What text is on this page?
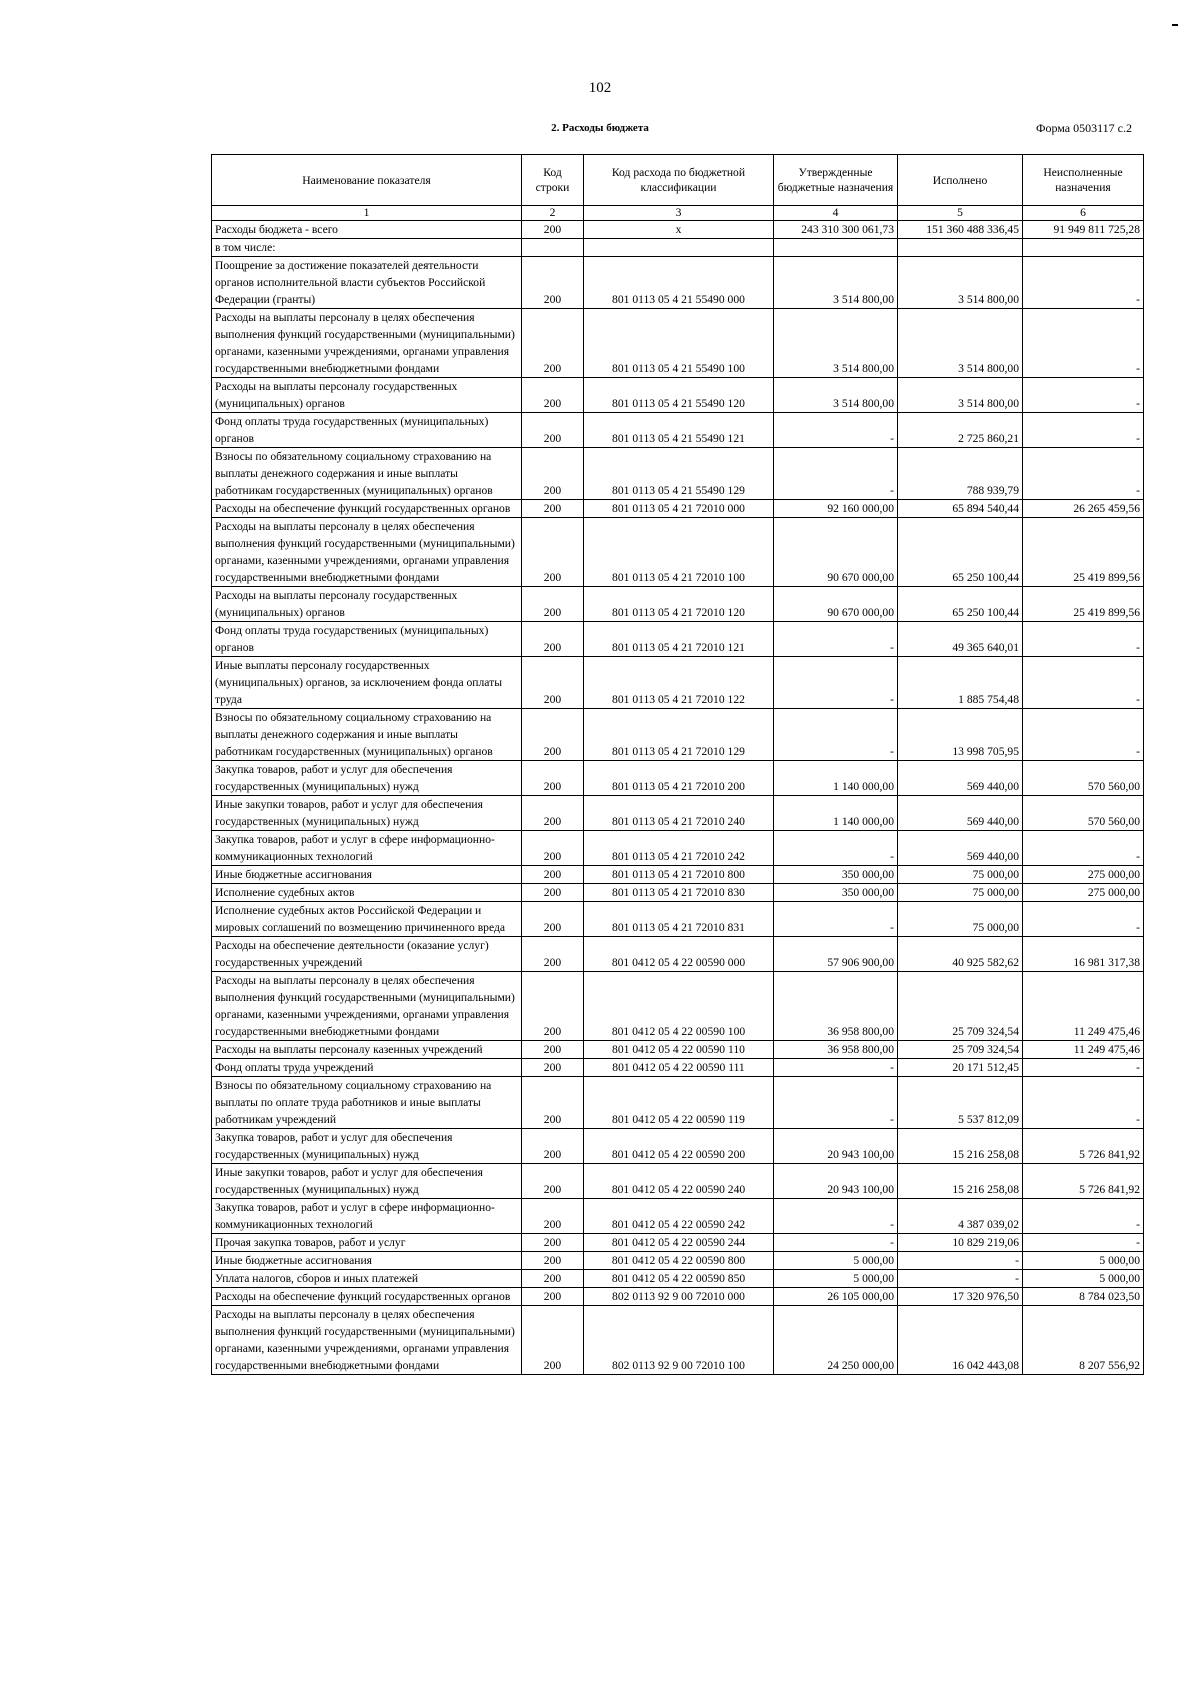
102
2. Расходы бюджета	Форма 0503117 с.2
Наименование показателя	Код строки	Код расхода по бюджетной классификации	Утвержденные бюджетные назначения	Исполнено	Неисполненные назначения
1	2	3	4	5	6
Расходы бюджета - всего	200	x	243 310 300 061,73	151 360 488 336,45	91 949 811 725,28
в том числе:					
Поощрение за достижение показателей деятельности органов исполнительной власти субъектов Российской Федерации (гранты)	200	801 0113 05 4 21 55490 000	3 514 800,00	3 514 800,00	-
Расходы на выплаты персоналу в целях обеспечения выполнения функций государственными (муниципальными) органами, казенными учреждениями, органами управления государственными внебюджетными фондами	200	801 0113 05 4 21 55490 100	3 514 800,00	3 514 800,00	-
Расходы на выплаты персоналу государственных (муниципальных) органов	200	801 0113 05 4 21 55490 120	3 514 800,00	3 514 800,00	-
Фонд оплаты труда государственных (муниципальных) органов	200	801 0113 05 4 21 55490 121	-	2 725 860,21	-
Взносы по обязательному социальному страхованию на выплаты денежного содержания и иные выплаты работникам государственных (муниципальных) органов	200	801 0113 05 4 21 55490 129	-	788 939,79	-
Расходы на обеспечение функций государственных органов	200	801 0113 05 4 21 72010 000	92 160 000,00	65 894 540,44	26 265 459,56
Расходы на выплаты персоналу в целях обеспечения выполнения функций государственными (муниципальными) органами, казенными учреждениями, органами управления государственными внебюджетными фондами	200	801 0113 05 4 21 72010 100	90 670 000,00	65 250 100,44	25 419 899,56
Расходы на выплаты персоналу государственных (муниципальных) органов	200	801 0113 05 4 21 72010 120	90 670 000,00	65 250 100,44	25 419 899,56
Фонд оплаты труда государствениых (муниципальных) органов	200	801 0113 05 4 21 72010 121	-	49 365 640,01	-
Иные выплаты персоналу государственных (муниципальных) органов, за исключением фонда оплаты труда	200	801 0113 05 4 21 72010 122	-	1 885 754,48	-
Взносы по обязательному социальному страхованию на выплаты денежного содержания и иные выплаты работникам государственных (муниципальных) органов	200	801 0113 05 4 21 72010 129	-	13 998 705,95	-
Закупка товаров, работ и услуг для обеспечения государственных (муниципальных) нужд	200	801 0113 05 4 21 72010 200	1 140 000,00	569 440,00	570 560,00
Иные закупки товаров, работ и услуг для обеспечения государственных (муниципальных) нужд	200	801 0113 05 4 21 72010 240	1 140 000,00	569 440,00	570 560,00
Закупка товаров, работ и услуг в сфере информационно-коммуникационных технологий	200	801 0113 05 4 21 72010 242	-	569 440,00	-
Иные бюджетные ассигнования	200	801 0113 05 4 21 72010 800	350 000,00	75 000,00	275 000,00
Исполнение судебных актов	200	801 0113 05 4 21 72010 830	350 000,00	75 000,00	275 000,00
Исполнение судебных актов Российской Федерации и мировых соглашений по возмещению причиненного вреда	200	801 0113 05 4 21 72010 831	-	75 000,00	-
Расходы на обеспечение деятельности (оказание услуг) государственных учреждений	200	801 0412 05 4 22 00590 000	57 906 900,00	40 925 582,62	16 981 317,38
Расходы на выплаты персоналу в целях обеспечения выполнения функций государственными (муниципальными) органами, казенными учреждениями, органами управления государственными внебюджетными фондами	200	801 0412 05 4 22 00590 100	36 958 800,00	25 709 324,54	11 249 475,46
Расходы на выплаты персоналу казенных учреждений	200	801 0412 05 4 22 00590 110	36 958 800,00	25 709 324,54	11 249 475,46
Фонд оплаты труда учреждений	200	801 0412 05 4 22 00590 111	-	20 171 512,45	-
Взносы по обязательному социальному страхованию на выплаты по оплате труда работников и иные выплаты работникам учреждений	200	801 0412 05 4 22 00590 119	-	5 537 812,09	-
Закупка товаров, работ и услуг для обеспечения государственных (муниципальных) нужд	200	801 0412 05 4 22 00590 200	20 943 100,00	15 216 258,08	5 726 841,92
Иные закупки товаров, работ и услуг для обеспечения государственных (муниципальных) нужд	200	801 0412 05 4 22 00590 240	20 943 100,00	15 216 258,08	5 726 841,92
Закупка товаров, работ и услуг в сфере информационно-коммуникационных технологий	200	801 0412 05 4 22 00590 242	-	4 387 039,02	-
Прочая закупка товаров, работ и услуг	200	801 0412 05 4 22 00590 244	-	10 829 219,06	-
Иные бюджетные ассигнования	200	801 0412 05 4 22 00590 800	5 000,00	-	5 000,00
Уплата налогов, сборов и иных платежей	200	801 0412 05 4 22 00590 850	5 000,00	-	5 000,00
Расходы на обеспечение функций государственных органов	200	802 0113 92 9 00 72010 000	26 105 000,00	17 320 976,50	8 784 023,50
Расходы на выплаты персоналу в целях обеспечения выполнения функций государственными (муниципальными) органами, казенными учреждениями, органами управления государственными внебюджетными фондами	200	802 0113 92 9 00 72010 100	24 250 000,00	16 042 443,08	8 207 556,92
